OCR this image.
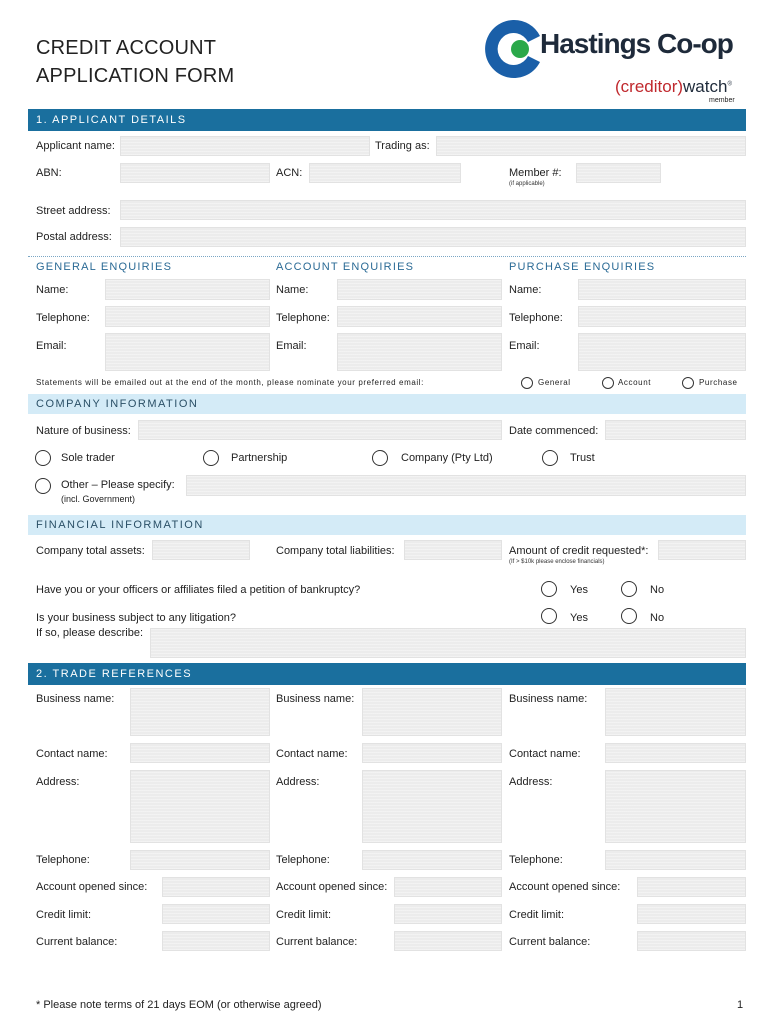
CREDIT ACCOUNT
APPLICATION FORM
Hastings Co-op
(creditor)watch®
member
1. APPLICANT DETAILS
Applicant name:	Trading as:
ABN:	ACN:	Member #:
(if applicable)
Street address:
Postal address:
GENERAL ENQUIRIES	ACCOUNT ENQUIRIES	PURCHASE ENQUIRIES
Name:	Name:	Name:
Telephone:	Telephone:	Telephone:
Email:	Email:	Email:
Statements will be emailed out at the end of the month, please nominate your preferred email:	General	Account	Purchase
COMPANY INFORMATION
Nature of business:	Date commenced:
Sole trader	Partnership	Company (Pty Ltd)	Trust
Other – Please specify:
(incl. Government)
FINANCIAL INFORMATION
Company total assets:	Company total liabilities:	Amount of credit requested*:
(If > $10k please enclose financials)
Have you or your officers or affiliates filed a petition of bankruptcy?	Yes	No
Is your business subject to any litigation?
If so, please describe:
Yes	No
2. TRADE REFERENCES
Business name:	Business name:	Business name:
Contact name:	Contact name:	Contact name:
Address:	Address:	Address:
Telephone:	Telephone:	Telephone:
Account opened since:	Account opened since:	Account opened since:
Credit limit:	Credit limit:	Credit limit:
Current balance:	Current balance:	Current balance:
* Please note terms of 21 days EOM (or otherwise agreed)	1
